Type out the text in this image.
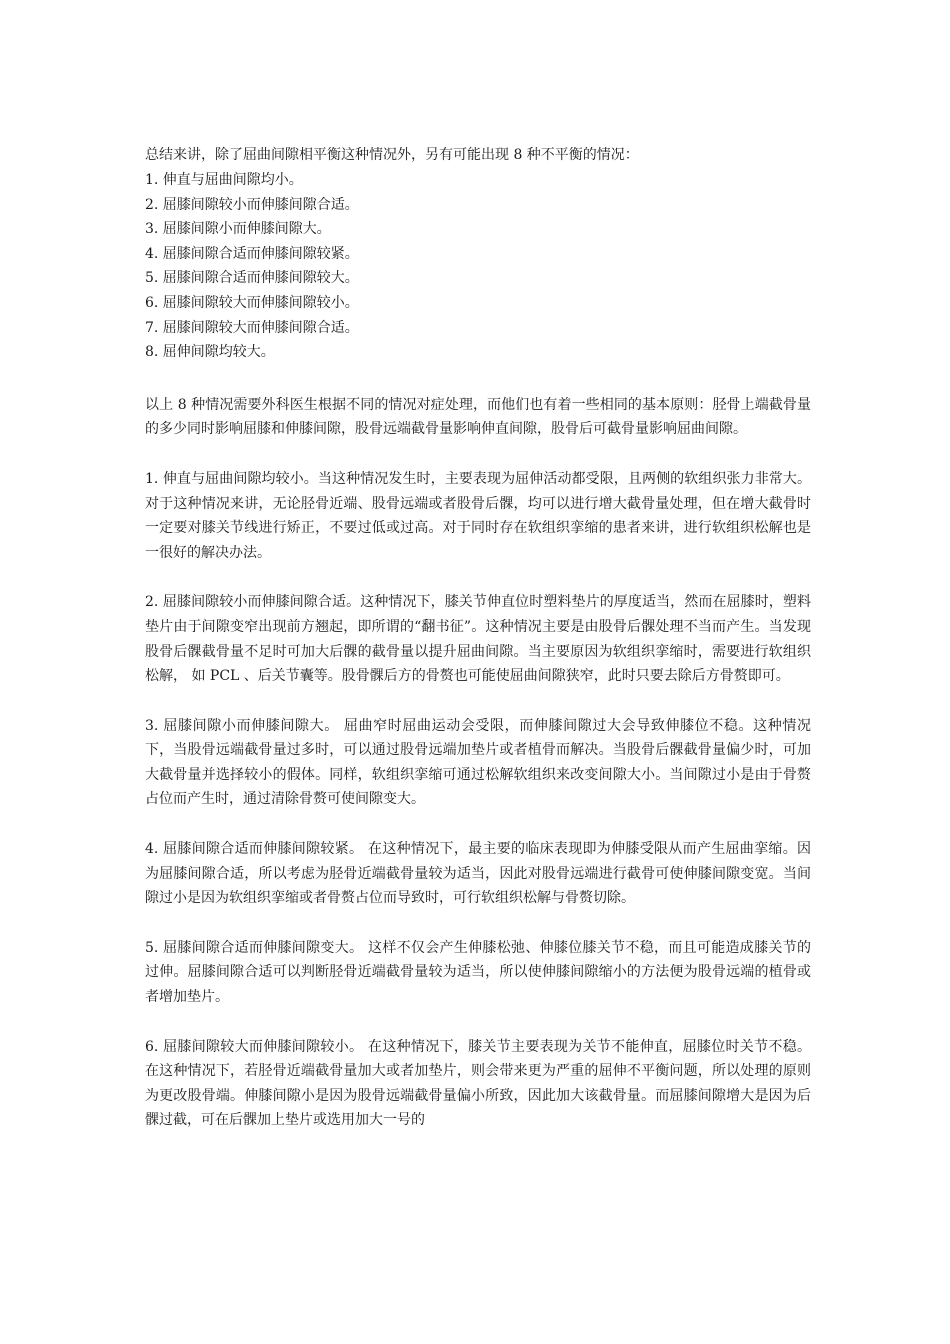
总结来讲，除了屈曲间隙相平衡这种情况外，另有可能出现 8 种不平衡的情况：

1. 伸直与屈曲间隙均小。

2. 屈膝间隙较小而伸膝间隙合适。

3. 屈膝间隙小而伸膝间隙大。

4. 屈膝间隙合适而伸膝间隙较紧。

5. 屈膝间隙合适而伸膝间隙较大。

6. 屈膝间隙较大而伸膝间隙较小。

7. 屈膝间隙较大而伸膝间隙合适。

8. 屈伸间隙均较大。

以上 8 种情况需要外科医生根据不同的情况对症处理，而他们也有着一些相同的基本原则：胫骨上端截骨量的多少同时影响屈膝和伸膝间隙，股骨远端截骨量影响伸直间隙，股骨后可截骨量影响屈曲间隙。

1. 伸直与屈曲间隙均较小。当这种情况发生时，主要表现为屈伸活动都受限，且两侧的软组织张力非常大。对于这种情况来讲，无论胫骨近端、股骨远端或者股骨后髁，均可以进行增大截骨量处理，但在增大截骨时一定要对膝关节线进行矫正，不要过低或过高。对于同时存在软组织挛缩的患者来讲，进行软组织松解也是一很好的解决办法。

2. 屈膝间隙较小而伸膝间隙合适。这种情况下，膝关节伸直位时塑料垫片的厚度适当，然而在屈膝时，塑料垫片由于间隙变窄出现前方翘起，即所谓的“翻书征”。这种情况主要是由股骨后髁处理不当而产生。当发现股骨后髁截骨量不足时可加大后髁的截骨量以提升屈曲间隙。当主要原因为软组织挛缩时，需要进行软组织松解， 如 PCL 、后关节囊等。股骨髁后方的骨赘也可能使屈曲间隙狭窄，此时只要去除后方骨赘即可。

3. 屈膝间隙小而伸膝间隙大。 屈曲窄时屈曲运动会受限，而伸膝间隙过大会导致伸膝位不稳。这种情况下，当股骨远端截骨量过多时，可以通过股骨远端加垫片或者植骨而解决。当股骨后髁截骨量偏少时，可加大截骨量并选择较小的假体。同样，软组织挛缩可通过松解软组织来改变间隙大小。当间隙过小是由于骨赘占位而产生时，通过清除骨赘可使间隙变大。

4. 屈膝间隙合适而伸膝间隙较紧。 在这种情况下，最主要的临床表现即为伸膝受限从而产生屈曲挛缩。因为屈膝间隙合适，所以考虑为胫骨近端截骨量较为适当，因此对股骨远端进行截骨可使伸膝间隙变宽。当间隙过小是因为软组织挛缩或者骨赘占位而导致时，可行软组织松解与骨赘切除。

5. 屈膝间隙合适而伸膝间隙变大。 这样不仅会产生伸膝松弛、伸膝位膝关节不稳，而且可能造成膝关节的过伸。屈膝间隙合适可以判断胫骨近端截骨量较为适当，所以使伸膝间隙缩小的方法便为股骨远端的植骨或者增加垫片。

6. 屈膝间隙较大而伸膝间隙较小。 在这种情况下，膝关节主要表现为关节不能伸直，屈膝位时关节不稳。在这种情况下，若胫骨近端截骨量加大或者加垫片，则会带来更为严重的屈伸不平衡问题，所以处理的原则为更改股骨端。伸膝间隙小是因为股骨远端截骨量偏小所致，因此加大该截骨量。而屈膝间隙增大是因为后髁过截，可在后髁加上垫片或选用加大一号的
